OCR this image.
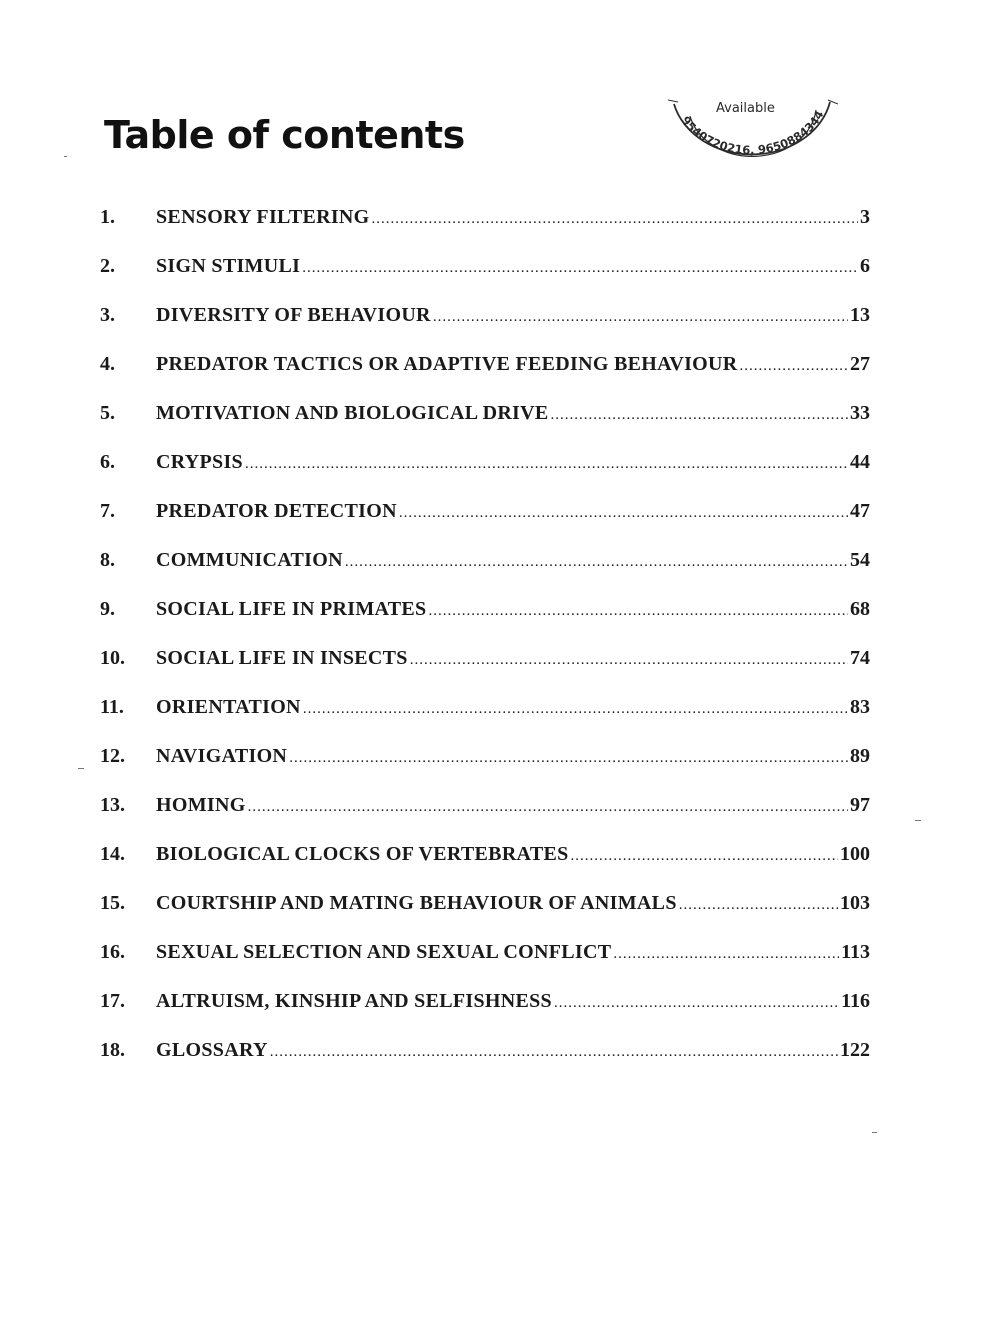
Table of contents
Available
9540720216, 9650884344
1.	SENSORY FILTERING .....	3
2.	SIGN STIMULI .....	6
3.	DIVERSITY OF BEHAVIOUR .....	13
4.	PREDATOR TACTICS OR ADAPTIVE FEEDING BEHAVIOUR .....	27
5.	MOTIVATION AND BIOLOGICAL DRIVE .....	33
6.	CRYPSIS .....	44
7.	PREDATOR DETECTION .....	47
8.	COMMUNICATION .....	54
9.	SOCIAL LIFE IN PRIMATES .....	68
10.	SOCIAL LIFE IN INSECTS .....	74
11.	ORIENTATION .....	83
12.	NAVIGATION .....	89
13.	HOMING .....	97
14.	BIOLOGICAL CLOCKS OF VERTEBRATES .....	100
15.	COURTSHIP AND MATING BEHAVIOUR OF ANIMALS .....	103
16.	SEXUAL SELECTION AND SEXUAL CONFLICT .....	113
17.	ALTRUISM, KINSHIP AND SELFISHNESS .....	116
18.	GLOSSARY .....	122
